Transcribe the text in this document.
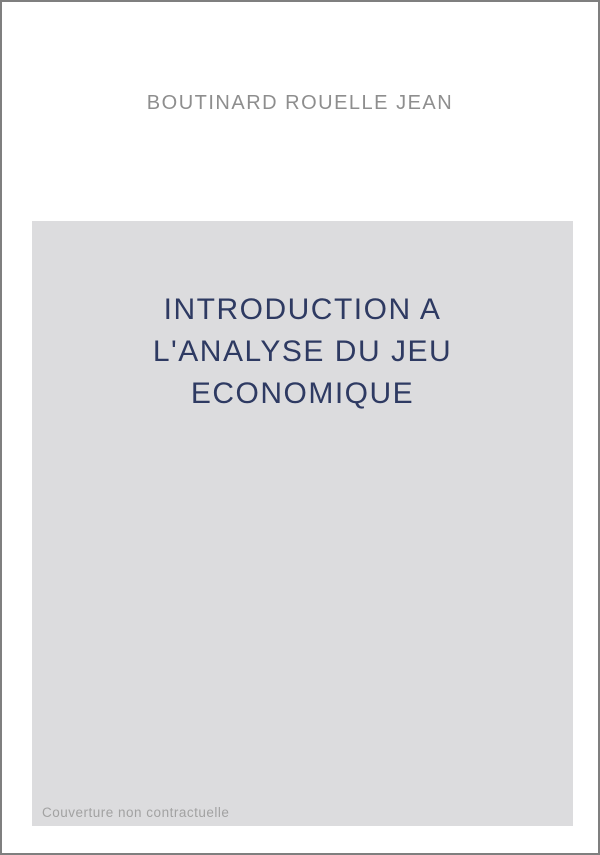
BOUTINARD ROUELLE JEAN
INTRODUCTION A
L'ANALYSE DU JEU
ECONOMIQUE
Couverture non contractuelle
